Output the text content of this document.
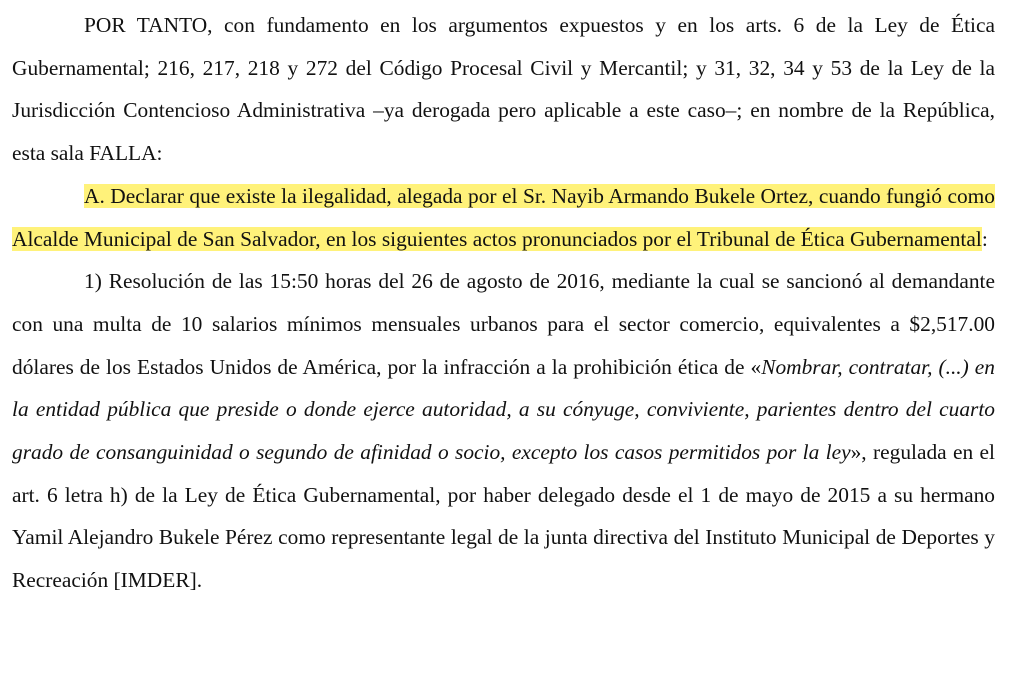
POR TANTO, con fundamento en los argumentos expuestos y en los arts. 6 de la Ley de Ética Gubernamental; 216, 217, 218 y 272 del Código Procesal Civil y Mercantil; y 31, 32, 34 y 53 de la Ley de la Jurisdicción Contencioso Administrativa –ya derogada pero aplicable a este caso–; en nombre de la República, esta sala FALLA:

A. Declarar que existe la ilegalidad, alegada por el Sr. Nayib Armando Bukele Ortez, cuando fungió como Alcalde Municipal de San Salvador, en los siguientes actos pronunciados por el Tribunal de Ética Gubernamental:

1) Resolución de las 15:50 horas del 26 de agosto de 2016, mediante la cual se sancionó al demandante con una multa de 10 salarios mínimos mensuales urbanos para el sector comercio, equivalentes a $2,517.00 dólares de los Estados Unidos de América, por la infracción a la prohibición ética de «Nombrar, contratar, (...) en la entidad pública que preside o donde ejerce autoridad, a su cónyuge, conviviente, parientes dentro del cuarto grado de consanguinidad o segundo de afinidad o socio, excepto los casos permitidos por la ley», regulada en el art. 6 letra h) de la Ley de Ética Gubernamental, por haber delegado desde el 1 de mayo de 2015 a su hermano Yamil Alejandro Bukele Pérez como representante legal de la junta directiva del Instituto Municipal de Deportes y Recreación [IMDER].
